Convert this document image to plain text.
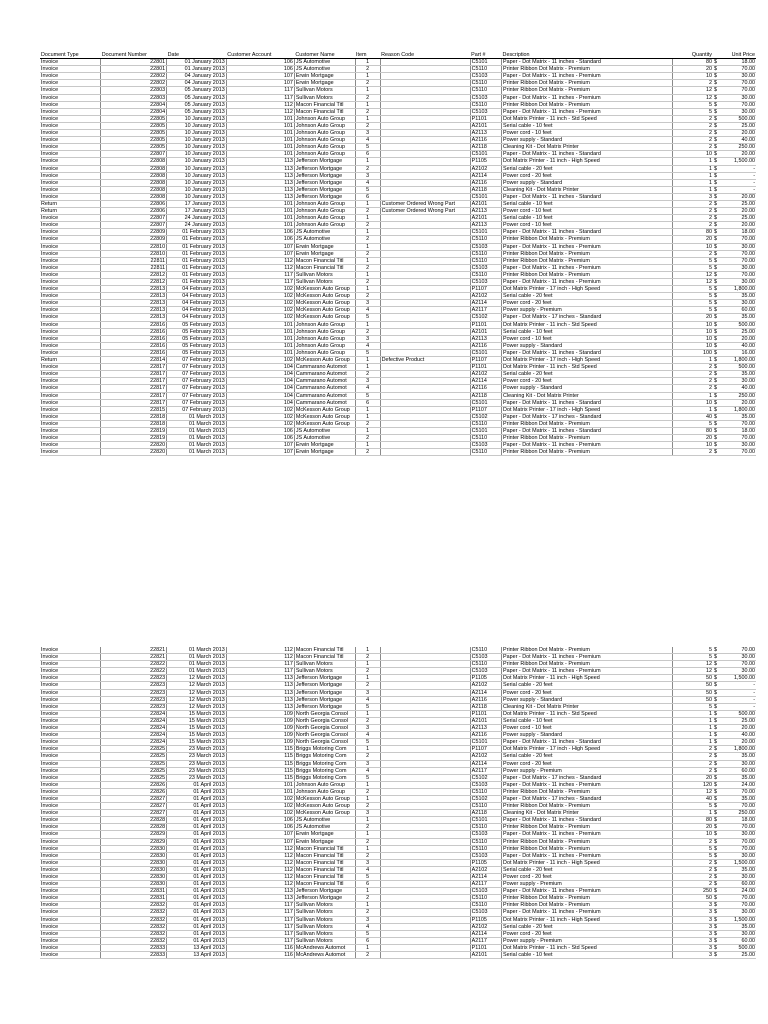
Document Type	Document Number	Date	Customer Account	Customer Name	Item	Reason Code	Part #	Description	Quantity		Unit Price
Invoice	22801	01 January 2013	106	JS Automotive	1		C5101	Paper - Dot Matrix - 11 inches - Standard	80	$	18.00
Invoice	22801	01 January 2013	106	JS Automotive	2		C5110	Printer Ribbon Dot Matrix - Premium	20	$	70.00
Invoice	22802	04 January 2013	107	Erwin Mortgage	1		C5103	Paper - Dot Matrix - 11 inches - Premium	10	$	30.00
Invoice	22802	04 January 2013	107	Erwin Mortgage	2		C5110	Printer Ribbon Dot Matrix - Premium	2	$	70.00
Invoice	22803	05 January 2013	117	Sullivan Motors	1		C5110	Printer Ribbon Dot Matrix - Premium	12	$	70.00
Invoice	22803	05 January 2013	117	Sullivan Motors	2		C5103	Paper - Dot Matrix - 11 inches - Premium	12	$	30.00
Invoice	22804	05 January 2013	112	Macon Financial Titl	1		C5110	Printer Ribbon Dot Matrix - Premium	5	$	70.00
Invoice	22804	05 January 2013	112	Macon Financial Titl	2		C5103	Paper - Dot Matrix - 11 inches - Premium	5	$	30.00
Invoice	22805	10 January 2013	101	Johnson Auto Group	1		P1101	Dot Matrix Printer - 11 inch - Std Speed	2	$	500.00
Invoice	22805	10 January 2013	101	Johnson Auto Group	2		A2101	Serial cable - 10 feet	2	$	25.00
Invoice	22805	10 January 2013	101	Johnson Auto Group	3		A2113	Power cord - 10 feet	2	$	20.00
Invoice	22805	10 January 2013	101	Johnson Auto Group	4		A2116	Power supply - Standard	2	$	40.00
Invoice	22805	10 January 2013	101	Johnson Auto Group	5		A2118	Cleaning Kit - Dot Matrix Printer	2	$	250.00
Invoice	22807	10 January 2013	101	Johnson Auto Group	6		C5101	Paper - Dot Matrix - 11 inches - Standard	10	$	20.00
Invoice	22808	10 January 2013	113	Jefferson Mortgage	1		P1105	Dot Matrix Printer - 11 inch - High Speed	1	$	1,500.00
Invoice	22808	10 January 2013	113	Jefferson Mortgage	2		A2102	Serial cable - 20 feet	1	$	-
Invoice	22808	10 January 2013	113	Jefferson Mortgage	3		A2114	Power cord - 20 feet	1	$	-
Invoice	22808	10 January 2013	113	Jefferson Mortgage	4		A2116	Power supply - Standard	1	$	-
Invoice	22808	10 January 2013	113	Jefferson Mortgage	5		A2118	Cleaning Kit - Dot Matrix Printer	1	$	-
Invoice	22808	10 January 2013	113	Jefferson Mortgage	6		C5101	Paper - Dot Matrix - 11 inches - Standard	3	$	20.00
Return	22806	17 January 2013	101	Johnson Auto Group	1	Customer Ordered Wrong Part	A2101	Serial cable - 10 feet	2	$	25.00
Return	22806	17 January 2013	101	Johnson Auto Group	2	Customer Ordered Wrong Part	A2113	Power cord - 10 feet	2	$	20.00
Invoice	22807	24 January 2013	101	Johnson Auto Group	1		A2101	Serial cable - 10 feet	2	$	25.00
Invoice	22807	24 January 2013	101	Johnson Auto Group	2		A2113	Power cord - 10 feet	2	$	20.00
Invoice	22809	01 February 2013	106	JS Automotive	1		C5101	Paper - Dot Matrix - 11 inches - Standard	80	$	18.00
Invoice	22809	01 February 2013	106	JS Automotive	2		C5110	Printer Ribbon Dot Matrix - Premium	20	$	70.00
Invoice	22810	01 February 2013	107	Erwin Mortgage	1		C5103	Paper - Dot Matrix - 11 inches - Premium	10	$	30.00
Invoice	22810	01 February 2013	107	Erwin Mortgage	2		C5110	Printer Ribbon Dot Matrix - Premium	2	$	70.00
Invoice	22811	01 February 2013	112	Macon Financial Titl	1		C5110	Printer Ribbon Dot Matrix - Premium	5	$	70.00
Invoice	22811	01 February 2013	112	Macon Financial Titl	2		C5103	Paper - Dot Matrix - 11 inches - Premium	5	$	30.00
Invoice	22812	01 February 2013	117	Sullivan Motors	1		C5110	Printer Ribbon Dot Matrix - Premium	12	$	70.00
Invoice	22812	01 February 2013	117	Sullivan Motors	2		C5103	Paper - Dot Matrix - 11 inches - Premium	12	$	30.00
Invoice	22813	04 February 2013	102	McKesson Auto Group	1		P1107	Dot Matrix Printer - 17 inch - High Speed	5	$	1,800.00
Invoice	22813	04 February 2013	102	McKesson Auto Group	2		A2102	Serial cable - 20 feet	5	$	35.00
Invoice	22813	04 February 2013	102	McKesson Auto Group	3		A2114	Power cord - 20 feet	5	$	30.00
Invoice	22813	04 February 2013	102	McKesson Auto Group	4		A2117	Power supply - Premium	5	$	60.00
Invoice	22813	04 February 2013	102	McKesson Auto Group	5		C5102	Paper - Dot Matrix - 17 inches - Standard	20	$	35.00
Invoice	22816	05 February 2013	101	Johnson Auto Group	1		P1101	Dot Matrix Printer - 11 inch - Std Speed	10	$	500.00
Invoice	22816	05 February 2013	101	Johnson Auto Group	2		A2101	Serial cable - 10 feet	10	$	25.00
Invoice	22816	05 February 2013	101	Johnson Auto Group	3		A2113	Power cord - 10 feet	10	$	20.00
Invoice	22816	05 February 2013	101	Johnson Auto Group	4		A2116	Power supply - Standard	10	$	40.00
Invoice	22816	05 February 2013	101	Johnson Auto Group	5		C5101	Paper - Dot Matrix - 11 inches - Standard	100	$	16.00
Return	22814	07 February 2013	102	McKesson Auto Group	1	Defective Product	P1107	Dot Matrix Printer - 17 inch - High Speed	1	$	1,800.00
Invoice	22817	07 February 2013	104	Cammarano Automot	1		P1101	Dot Matrix Printer - 11 inch - Std Speed	2	$	500.00
Invoice	22817	07 February 2013	104	Cammarano Automot	2		A2102	Serial cable - 20 feet	2	$	35.00
Invoice	22817	07 February 2013	104	Cammarano Automot	3		A2114	Power cord - 20 feet	2	$	30.00
Invoice	22817	07 February 2013	104	Cammarano Automot	4		A2116	Power supply - Standard	2	$	40.00
Invoice	22817	07 February 2013	104	Cammarano Automot	5		A2118	Cleaning Kit - Dot Matrix Printer	1	$	250.00
Invoice	22817	07 February 2013	104	Cammarano Automot	6		C5101	Paper - Dot Matrix - 11 inches - Standard	10	$	20.00
Invoice	22815	07 February 2013	102	McKesson Auto Group	1		P1107	Dot Matrix Printer - 17 inch - High Speed	1	$	1,800.00
Invoice	22818	01 March 2013	102	McKesson Auto Group	1		C5102	Paper - Dot Matrix - 17 inches - Standard	40	$	35.00
Invoice	22818	01 March 2013	102	McKesson Auto Group	2		C5110	Printer Ribbon Dot Matrix - Premium	5	$	70.00
Invoice	22819	01 March 2013	106	JS Automotive	1		C5101	Paper - Dot Matrix - 11 inches - Standard	80	$	18.00
Invoice	22819	01 March 2013	106	JS Automotive	2		C5110	Printer Ribbon Dot Matrix - Premium	20	$	70.00
Invoice	22820	01 March 2013	107	Erwin Mortgage	1		C5103	Paper - Dot Matrix - 11 inches - Premium	10	$	30.00
Invoice	22820	01 March 2013	107	Erwin Mortgage	2		C5110	Printer Ribbon Dot Matrix - Premium	2	$	70.00
Invoice	22821	01 March 2013	112	Macon Financial Titl	1		C5110	Printer Ribbon Dot Matrix - Premium	5	$	70.00
Invoice	22821	01 March 2013	112	Macon Financial Titl	2		C5103	Paper - Dot Matrix - 11 inches - Premium	5	$	30.00
Invoice	22822	01 March 2013	117	Sullivan Motors	1		C5110	Printer Ribbon Dot Matrix - Premium	12	$	70.00
Invoice	22822	01 March 2013	117	Sullivan Motors	2		C5103	Paper - Dot Matrix - 11 inches - Premium	12	$	30.00
Invoice	22823	12 March 2013	113	Jefferson Mortgage	1		P1105	Dot Matrix Printer - 11 inch - High Speed	50	$	1,500.00
Invoice	22823	12 March 2013	113	Jefferson Mortgage	2		A2102	Serial cable - 20 feet	50	$	-
Invoice	22823	12 March 2013	113	Jefferson Mortgage	3		A2114	Power cord - 20 feet	50	$	-
Invoice	22823	12 March 2013	113	Jefferson Mortgage	4		A2116	Power supply - Standard	50	$	-
Invoice	22823	12 March 2013	113	Jefferson Mortgage	5		A2118	Cleaning Kit - Dot Matrix Printer	5	$	-
Invoice	22824	15 March 2013	109	North Georgia Consol	1		P1101	Dot Matrix Printer - 11 inch - Std Speed	1	$	500.00
Invoice	22824	15 March 2013	109	North Georgia Consol	2		A2101	Serial cable - 10 feet	1	$	25.00
Invoice	22824	15 March 2013	109	North Georgia Consol	3		A2113	Power cord - 10 feet	1	$	20.00
Invoice	22824	15 March 2013	109	North Georgia Consol	4		A2116	Power supply - Standard	1	$	40.00
Invoice	22824	15 March 2013	109	North Georgia Consol	5		C5101	Paper - Dot Matrix - 11 inches - Standard	1	$	20.00
Invoice	22825	23 March 2013	115	Briggs Motoring Com	1		P1107	Dot Matrix Printer - 17 inch - High Speed	2	$	1,800.00
Invoice	22825	23 March 2013	115	Briggs Motoring Com	2		A2102	Serial cable - 20 feet	2	$	35.00
Invoice	22825	23 March 2013	115	Briggs Motoring Com	3		A2114	Power cord - 20 feet	2	$	30.00
Invoice	22825	23 March 2013	115	Briggs Motoring Com	4		A2117	Power supply - Premium	2	$	60.00
Invoice	22825	23 March 2013	115	Briggs Motoring Com	5		C5102	Paper - Dot Matrix - 17 inches - Standard	20	$	35.00
Invoice	22826	01 April 2013	101	Johnson Auto Group	1		C5103	Paper - Dot Matrix - 11 inches - Premium	120	$	24.00
Invoice	22826	01 April 2013	101	Johnson Auto Group	2		C5110	Printer Ribbon Dot Matrix - Premium	12	$	70.00
Invoice	22827	01 April 2013	102	McKesson Auto Group	1		C5102	Paper - Dot Matrix - 17 inches - Standard	40	$	35.00
Invoice	22827	01 April 2013	102	McKesson Auto Group	2		C5110	Printer Ribbon Dot Matrix - Premium	5	$	70.00
Invoice	22827	01 April 2013	102	McKesson Auto Group	3		A2118	Cleaning Kit - Dot Matrix Printer	1	$	250.00
Invoice	22828	01 April 2013	106	JS Automotive	1		C5101	Paper - Dot Matrix - 11 inches - Standard	80	$	18.00
Invoice	22828	01 April 2013	106	JS Automotive	2		C5110	Printer Ribbon Dot Matrix - Premium	20	$	70.00
Invoice	22829	01 April 2013	107	Erwin Mortgage	1		C5103	Paper - Dot Matrix - 11 inches - Premium	10	$	30.00
Invoice	22829	01 April 2013	107	Erwin Mortgage	2		C5110	Printer Ribbon Dot Matrix - Premium	2	$	70.00
Invoice	22830	01 April 2013	112	Macon Financial Titl	1		C5110	Printer Ribbon Dot Matrix - Premium	5	$	70.00
Invoice	22830	01 April 2013	112	Macon Financial Titl	2		C5103	Paper - Dot Matrix - 11 inches - Premium	5	$	30.00
Invoice	22830	01 April 2013	112	Macon Financial Titl	3		P1105	Dot Matrix Printer - 11 inch - High Speed	2	$	1,500.00
Invoice	22830	01 April 2013	112	Macon Financial Titl	4		A2102	Serial cable - 20 feet	2	$	35.00
Invoice	22830	01 April 2013	112	Macon Financial Titl	5		A2114	Power cord - 20 feet	2	$	30.00
Invoice	22830	01 April 2013	112	Macon Financial Titl	6		A2117	Power supply - Premium	2	$	60.00
Invoice	22831	01 April 2013	113	Jefferson Mortgage	1		C5103	Paper - Dot Matrix - 11 inches - Premium	250	$	24.00
Invoice	22831	01 April 2013	113	Jefferson Mortgage	2		C5110	Printer Ribbon Dot Matrix - Premium	50	$	70.00
Invoice	22832	01 April 2013	117	Sullivan Motors	1		C5110	Printer Ribbon Dot Matrix - Premium	3	$	70.00
Invoice	22832	01 April 2013	117	Sullivan Motors	2		C5103	Paper - Dot Matrix - 11 inches - Premium	3	$	30.00
Invoice	22832	01 April 2013	117	Sullivan Motors	3		P1105	Dot Matrix Printer - 11 inch - High Speed	3	$	1,500.00
Invoice	22832	01 April 2013	117	Sullivan Motors	4		A2102	Serial cable - 20 feet	3	$	35.00
Invoice	22832	01 April 2013	117	Sullivan Motors	5		A2114	Power cord - 20 feet	3	$	30.00
Invoice	22832	01 April 2013	117	Sullivan Motors	6		A2117	Power supply - Premium	3	$	60.00
Invoice	22833	13 April 2013	116	McAndrews Automot	1		P1101	Dot Matrix Printer - 11 inch - Std Speed	3	$	500.00
Invoice	22833	13 April 2013	116	McAndrews Automot	2		A2101	Serial cable - 10 feet	3	$	25.00
